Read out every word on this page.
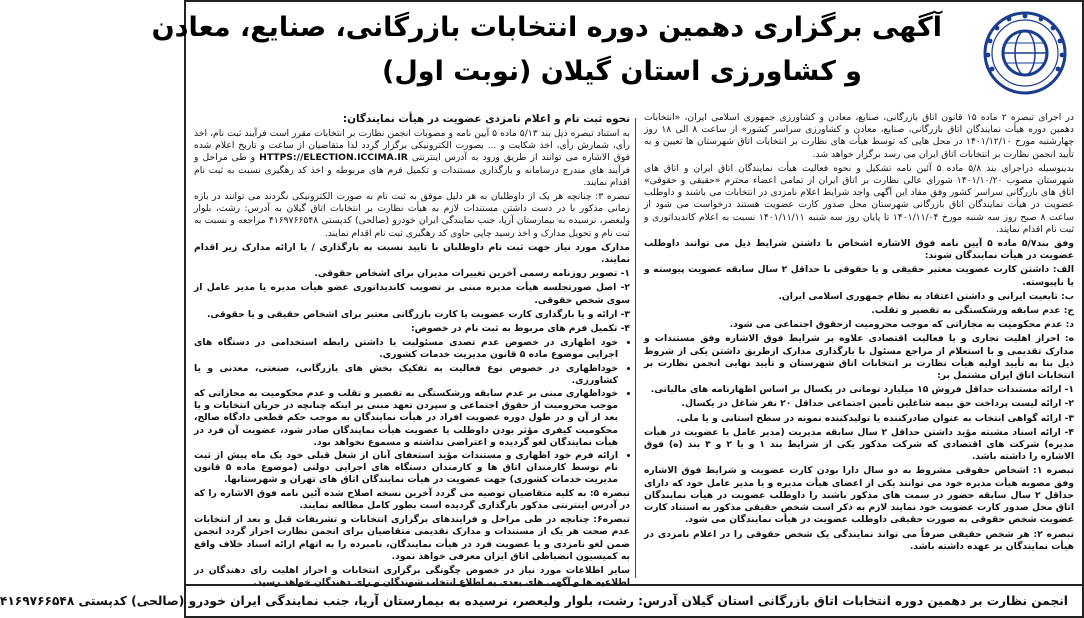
آگهی برگزاری دهمین دوره انتخابات بازرگانی، صنایع، معادن
و کشاورزی استان گیلان (نوبت اول)

در اجرای تبصره ۲ ماده ۱۵ قانون اتاق بازرگانی، صنایع، معادن و کشاورزی جمهوری اسلامی ایران، «انتخابات دهمین دوره هیأت نمایندگان اتاق بازرگانی، صنایع، معادن و کشاورزی سراسر کشور» از ساعت ۸ الی ۱۸ روز چهارشنبه مورخ ۱۴۰۱/۱۲/۱۰ در محل هایی که توسط هیأت های نظارت بر انتخابات اتاق شهرستان ها تعیین و به تأیید انجمن نظارت بر انتخابات اتاق ایران می رسد برگزار خواهد شد.

بدینوسیله دراجرای بند ۵/۸ ماده ۵ آئین نامه تشکیل و نحوه فعالیت هیأت نمایندگان اتاق ایران و اتاق های شهرستان مصوب ۱۴۰۱/۱۰/۲۰ شورای عالی نظارت بر اتاق ایران از تمامی اعضاء محترم «حقیقی و حقوقی» اتاق های بازرگانی سراسر کشور وفق مفاد این آگهی واجد شرایط اعلام نامزدی در انتخابات می باشند و داوطلب عضویت در هیأت نمایندگان اتاق بازرگانی شهرستان محل صدور کارت عضویت هستند درخواست می شود از ساعت ۸ صبح روز سه شنبه مورخ ۱۴۰۱/۱۱/۰۴ تا پایان روز سه شنبه ۱۴۰۱/۱۱/۱۱ نسبت به اعلام کاندیداتوری و ثبت نام اقدام نمایند.

وفق بند۵/۷ ماده ۵ آیین نامه فوق الاشاره اشخاص با داشتن شرایط ذیل می توانند داوطلب عضویت در هیأت نمایندگان شوند:

الف: داشتن کارت عضویت معتبر حقیقی و یا حقوقی با حداقل ۲ سال سابقه عضویت پیوسته و یا ناپیوسته.

ب: تابعیت ایرانی و داشتن اعتقاد به نظام جمهوری اسلامی ایران.

ج: عدم سابقه ورشکستگی به تقصیر و تقلب.

د: عدم محکومیت به مجازاتی که موجب محرومیت ازحقوق اجتماعی می شود.

ه: احراز اهلیت تجاری و یا فعالیت اقتصادی علاوه بر شرایط فوق الاشاره وفق مستندات و مدارک تقدیمی و با استعلام از مراجع مسئول با بارگذاری مدارک ازطریق داشتن یکی از شروط ذیل بنا به تأیید اولیه هیأت نظارت بر انتخابات اتاق شهرستان و تأیید نهایی انجمن نظارت بر انتخابات اتاق ایران مشتمل بر:

۱- ارائه مستندات حداقل فروش ۱۵ میلیارد تومانی در یکسال بر اساس اظهارنامه های مالیاتی.

۲- ارائه لیست پرداخت حق بیمه شاغلین تأمین اجتماعی حداقل ۲۰ نفر شاغل در یکسال.

۳- ارائه گواهی انتخاب به عنوان صادرکننده یا تولیدکننده نمونه در سطح استانی و یا ملی.

۴- ارائه اسناد مشبته مؤید داشتن حداقل ۲ سال سابقه مدیریت (مدیر عامل یا عضویت در هیأت مدیره) شرکت های اقتصادی که شرکت مذکور یکی از شرایط بند ۱ و یا ۲ و ۳ بند (ه) فوق الاشاره را داشته باشد.

تبصره ۱: اشخاص حقوقی مشروط به دو سال دارا بودن کارت عضویت و شرایط فوق الاشاره وفق مصوبه هیأت مدیره خود می توانند یکی از اعضای هیأت مدیره و یا مدیر عامل خود که دارای حداقل ۲ سال سابقه حضور در سمت های مذکور باشند را داوطلب عضویت در هیأت نمایندگان اتاق محل صدور کارت عضویت خود نمایند لازم به ذکر است شخص حقیقی مذکور به استناد کارت عضویت شخص حقوقی به صورت حقیقی داوطلب عضویت در هیأت نمایندگان می شود.

تبصره ۲: هر شخص حقیقی صرفاً می تواند نمایندگی یک شخص حقوقی را در اعلام نامزدی در هیأت نمایندگان بر عهده داشته باشد.

نحوه ثبت نام و اعلام نامزدی عضویت در هیأت نمایندگان:

به استناد تبصره ذیل بند ۵/۱۳ ماده ۵ آیین نامه و مصوبات انجمن نظارت بر انتخابات مقرر است فرآیند ثبت نام، اخذ رأی، شمارش رأی، اخذ شکایت و ... بصورت الکترونیکی برگزار گردد لذا متقاضیان از ساعت و تاریخ اعلام شده فوق الاشاره می توانند از طریق ورود به آدرس اینترنتی HTTPS://ELECTION.ICCIMA.IR و طی مراحل و فرآیند های مندرج درسامانه و بارگذاری مستندات و تکمیل فرم های مربوطه و اخذ کد رهگیری نسبت به ثبت نام اقدام نمایند.

تبصره ۳: چنانچه هر یک از داوطلبان به هر دلیل موفق به ثبت نام به صورت الکترونیکی نگردند می توانند در بازه زمانی مذکور با در دست داشتن مستندات لازم به هیأت نظارت بر انتخابات اتاق گیلان به آدرس: رشت، بلوار ولیعصر، نرسیده به بیمارستان آریا، جنب نمایندگی ایران خودرو (صالحی) کدپستی ۴۱۶۹۷۶۶۵۴۸ مراجعه و نسبت به ثبت نام و تحویل مدارک و اخذ رسید چاپی حاوی کد رهگیری ثبت نام اقدام نمایند.

مدارک مورد نیاز جهت ثبت نام داوطلبان با تایید نسبت به بارگذاری / یا ارائه مدارک زیر اقدام نمایند.

۱- تصویر روزنامه رسمی آخرین تغییرات مدیران برای اشخاص حقوقی.

۲- اصل صورتجلسه هیأت مدیره مبنی بر تصویب کاندیداتوری عضو هیأت مدیره یا مدیر عامل از سوی شخص حقوقی.

۳- ارائه و یا بارگذاری کارت عضویت یا کارت بازرگانی معتبر برای اشخاص حقیقی و یا حقوقی.

۴- تکمیل فرم های مربوط به ثبت نام در خصوص:

• خود اظهاری در خصوص عدم تصدی مسئولیت یا داشتن رابطه استخدامی در دستگاه های اجرایی موضوع ماده ۵ قانون مدیریت خدمات کشوری.
• خوداظهاری در خصوص نوع فعالیت به تفکیک بخش های بازرگانی، صنعتی، معدنی و یا کشاورزی.
• خوداظهاری مبنی بر عدم سابقه ورشکستگی به تقصیر و تقلب و عدم محکومیت به مجازاتی که موجب محرومیت از حقوق اجتماعی و سپردن تعهد مبنی بر اینکه چنانچه در جریان انتخابات و یا بعد از آن و در طول دوره عضویت افراد در هیأت نمایندگان به موجب حکم قطعی دادگاه صالح، محکومیت کیفری مؤثر بودن داوطلب یا عضویت هیأت نمایندگان صادر شود، عضویت آن فرد در هیأت نمایندگان لغو گردیده و اعتراضی نداشته و مسموع نخواهد بود.
• ارائه فرم خود اظهاری و مستندات مؤید استعفای آنان از شغل قبلی خود یک ماه پیش از ثبت نام توسط کارمندان اتاق ها و کارمندان دستگاه های اجرایی دولتی (موضوع ماده ۵ قانون مدیریت خدمات کشوری) جهت عضویت در هیأت نمایندگان اتاق های تهران و شهرستانها.

تبصره ۵: به کلیه متقاضیان توصیه می گردد آخرین نسخه اصلاح شده آئین نامه فوق الاشاره را که در آدرس اینترنتی مذکور بارگذاری گردیده است بطور کامل مطالعه نمایند.

تبصره۶: چنانچه در طی مراحل و فرایندهای برگزاری انتخابات و تشریفات قبل و بعد از انتخابات عدم صحت هر یک از مستندات و مدارک تقدیمی متقاضیان برای انجمن نظارت احراز گردد انجمن ضمن لغو نامزدی و یا عضویت فرد در هیأت نمایندگان، نامبرده را به اتهام ارائه اسناد خلاف واقع به کمیسیون انضباطی اتاق ایران معرفی خواهد نمود.

سایر اطلاعات مورد نیاز در خصوص چگونگی برگزاری انتخابات و احراز اهلیت رای دهندگان در اطلاعیه ها و آگهی های بعدی به اطلاع انتخاب شوندگان و رای دهندگان خواهد رسید.

انجمن نظارت بر دهمین دوره انتخابات اتاق بازرگانی استان گیلان آدرس: رشت، بلوار ولیعصر، نرسیده به بیمارستان آریا، جنب نمایندگی ایران خودرو (صالحی) کدپستی ۴۱۶۹۷۶۶۵۴۸
